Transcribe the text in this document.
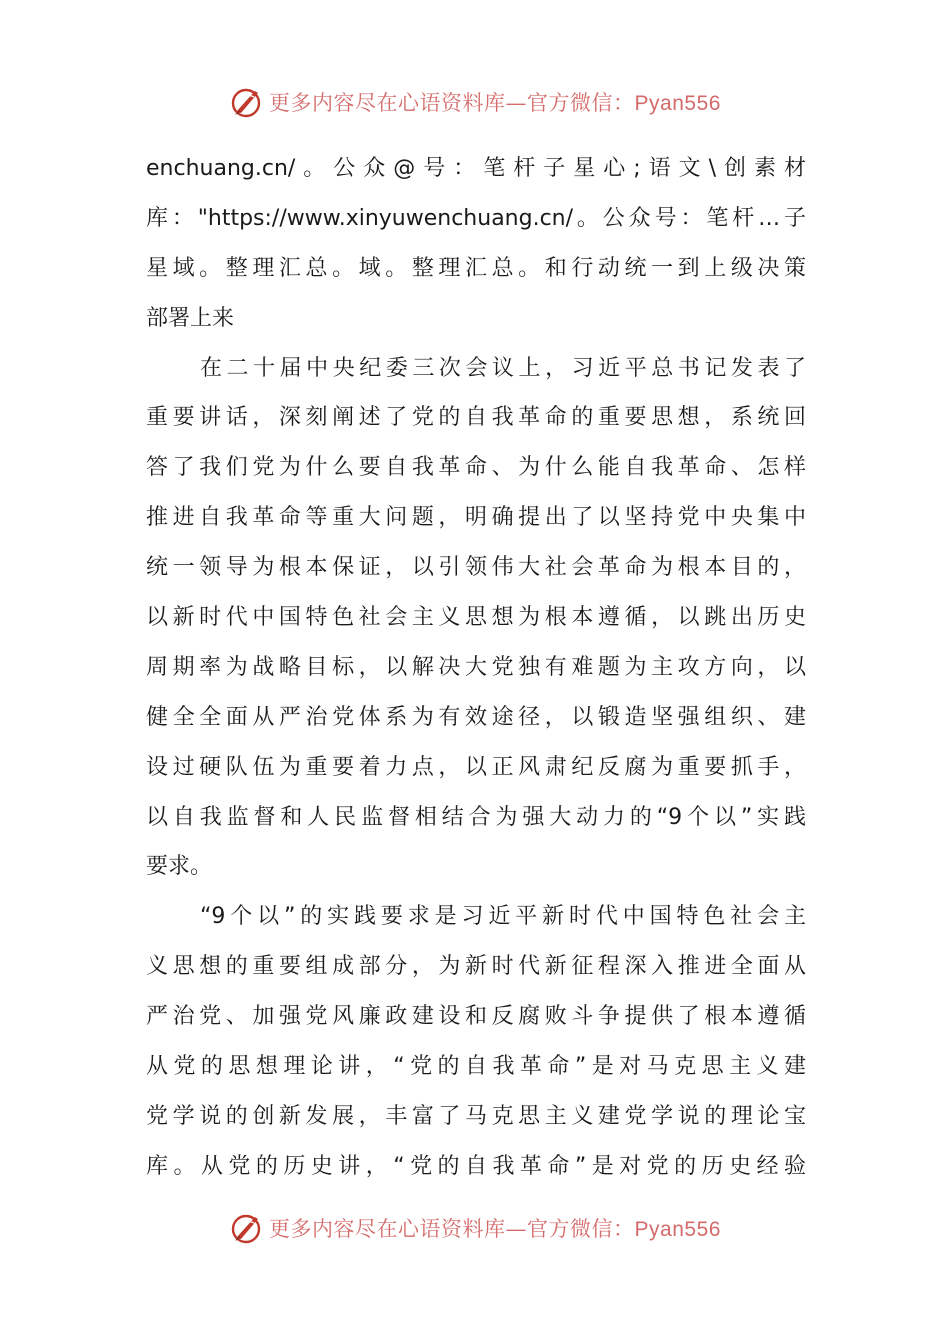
更多内容尽在心语资料库—官方微信：Pyan556
enchuang.cn/。公众@号：笔杆子星心;语文\创素材
库："https://www.xinyuwenchuang.cn/。公众号：笔杆…子
星域。整理汇总。域。整理汇总。和行动统一到上级决策
部署上来
在二十届中央纪委三次会议上，习近平总书记发表了
重要讲话，深刻阐述了党的自我革命的重要思想，系统回
答了我们党为什么要自我革命、为什么能自我革命、怎样
推进自我革命等重大问题，明确提出了以坚持党中央集中
统一领导为根本保证，以引领伟大社会革命为根本目的，
以新时代中国特色社会主义思想为根本遵循，以跳出历史
周期率为战略目标，以解决大党独有难题为主攻方向，以
健全全面从严治党体系为有效途径，以锻造坚强组织、建
设过硬队伍为重要着力点，以正风肃纪反腐为重要抓手，
以自我监督和人民监督相结合为强大动力的“9个以”实践
要求。
“9个以”的实践要求是习近平新时代中国特色社会主
义思想的重要组成部分，为新时代新征程深入推进全面从
严治党、加强党风廉政建设和反腐败斗争提供了根本遵循
从党的思想理论讲，“党的自我革命”是对马克思主义建
党学说的创新发展，丰富了马克思主义建党学说的理论宝
库。从党的历史讲，“党的自我革命”是对党的历史经验
更多内容尽在心语资料库—官方微信：Pyan556
